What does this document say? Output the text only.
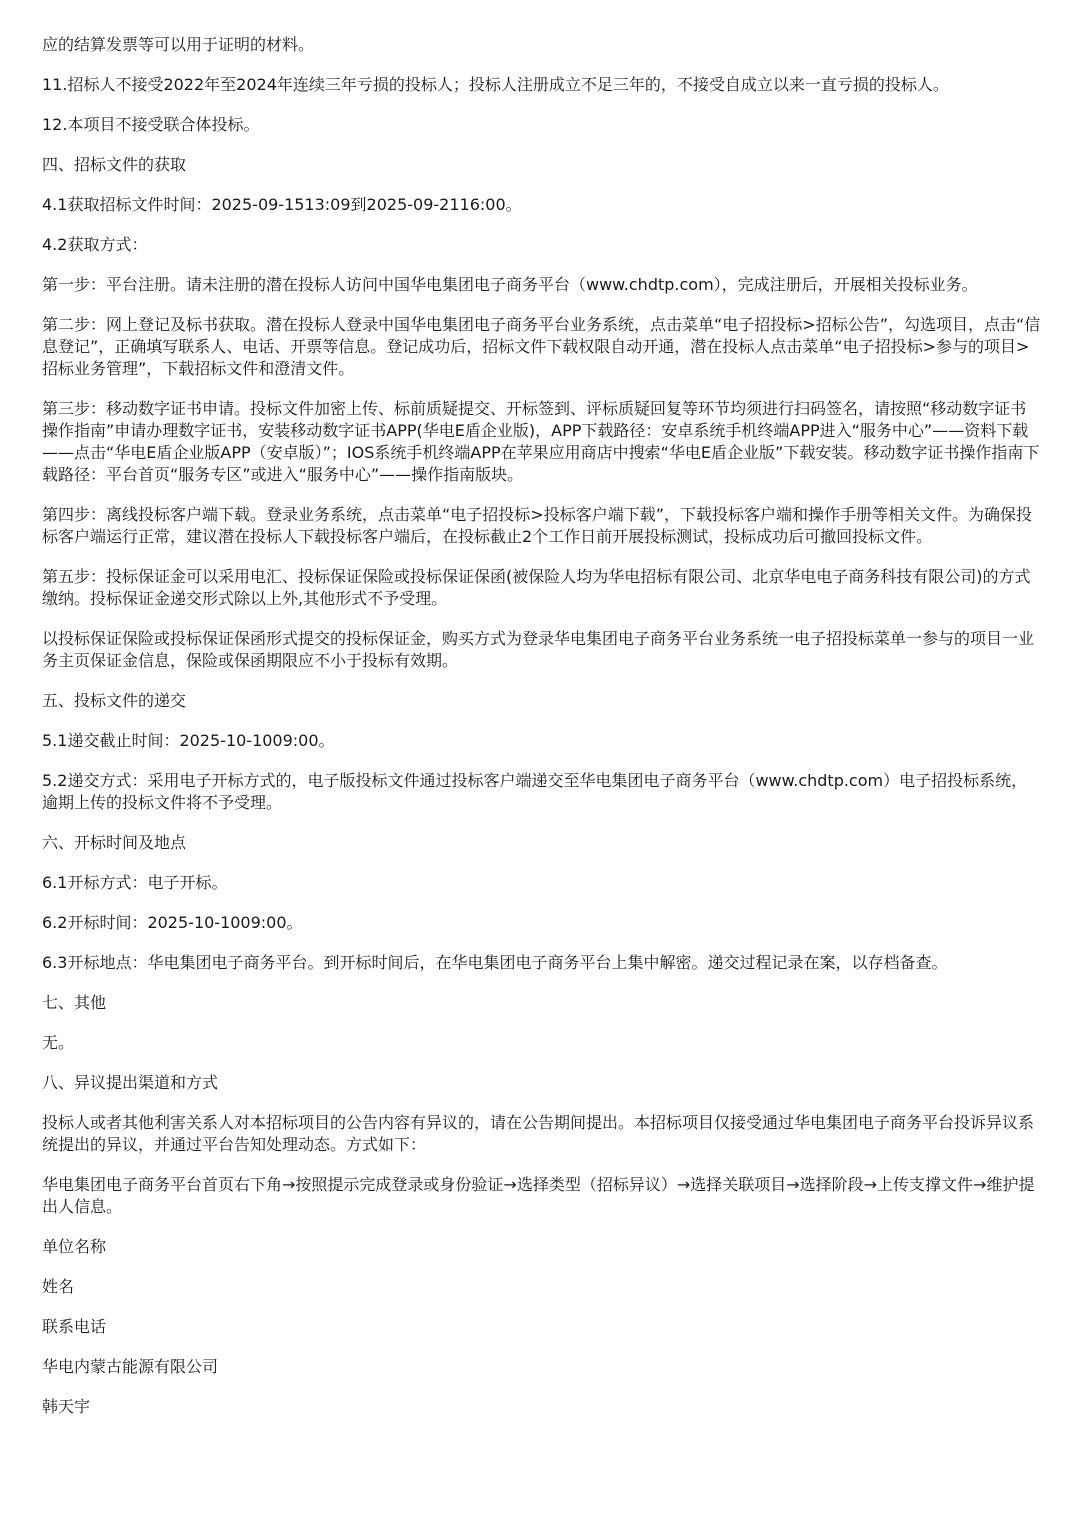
应的结算发票等可以用于证明的材料。

11.招标人不接受2022年至2024年连续三年亏损的投标人；投标人注册成立不足三年的，不接受自成立以来一直亏损的投标人。

12.本项目不接受联合体投标。

四、招标文件的获取

4.1获取招标文件时间：2025-09-1513:09到2025-09-2116:00。

4.2获取方式：

第一步：平台注册。请未注册的潜在投标人访问中国华电集团电子商务平台（www.chdtp.com），完成注册后，开展相关投标业务。

第二步：网上登记及标书获取。潜在投标人登录中国华电集团电子商务平台业务系统，点击菜单“电子招投标>招标公告”，勾选项目，点击“信息登记”，正确填写联系人、电话、开票等信息。登记成功后，招标文件下载权限自动开通，潜在投标人点击菜单“电子招投标>参与的项目>招标业务管理”，下载招标文件和澄清文件。

第三步：移动数字证书申请。投标文件加密上传、标前质疑提交、开标签到、评标质疑回复等环节均须进行扫码签名，请按照“移动数字证书操作指南”申请办理数字证书，安装移动数字证书APP(华电E盾企业版)，APP下载路径：安卓系统手机终端APP进入“服务中心”——资料下载——点击“华电E盾企业版APP（安卓版）”；IOS系统手机终端APP在苹果应用商店中搜索“华电E盾企业版”下载安装。移动数字证书操作指南下载路径：平台首页“服务专区”或进入“服务中心”——操作指南版块。

第四步：离线投标客户端下载。登录业务系统，点击菜单“电子招投标>投标客户端下载”，下载投标客户端和操作手册等相关文件。为确保投标客户端运行正常，建议潜在投标人下载投标客户端后，在投标截止2个工作日前开展投标测试，投标成功后可撤回投标文件。

第五步：投标保证金可以采用电汇、投标保证保险或投标保证保函(被保险人均为华电招标有限公司、北京华电电子商务科技有限公司)的方式缴纳。投标保证金递交形式除以上外,其他形式不予受理。

以投标保证保险或投标保证保函形式提交的投标保证金，购买方式为登录华电集团电子商务平台业务系统一电子招投标菜单一参与的项目一业务主页保证金信息，保险或保函期限应不小于投标有效期。

五、投标文件的递交

5.1递交截止时间：2025-10-1009:00。

5.2递交方式：采用电子开标方式的，电子版投标文件通过投标客户端递交至华电集团电子商务平台（www.chdtp.com）电子招投标系统，逾期上传的投标文件将不予受理。

六、开标时间及地点

6.1开标方式：电子开标。

6.2开标时间：2025-10-1009:00。

6.3开标地点：华电集团电子商务平台。到开标时间后，在华电集团电子商务平台上集中解密。递交过程记录在案，以存档备查。

七、其他

无。

八、异议提出渠道和方式

投标人或者其他利害关系人对本招标项目的公告内容有异议的，请在公告期间提出。本招标项目仅接受通过华电集团电子商务平台投诉异议系统提出的异议，并通过平台告知处理动态。方式如下：

华电集团电子商务平台首页右下角→按照提示完成登录或身份验证→选择类型（招标异议）→选择关联项目→选择阶段→上传支撑文件→维护提出人信息。

单位名称

姓名

联系电话

华电内蒙古能源有限公司

韩天宇
